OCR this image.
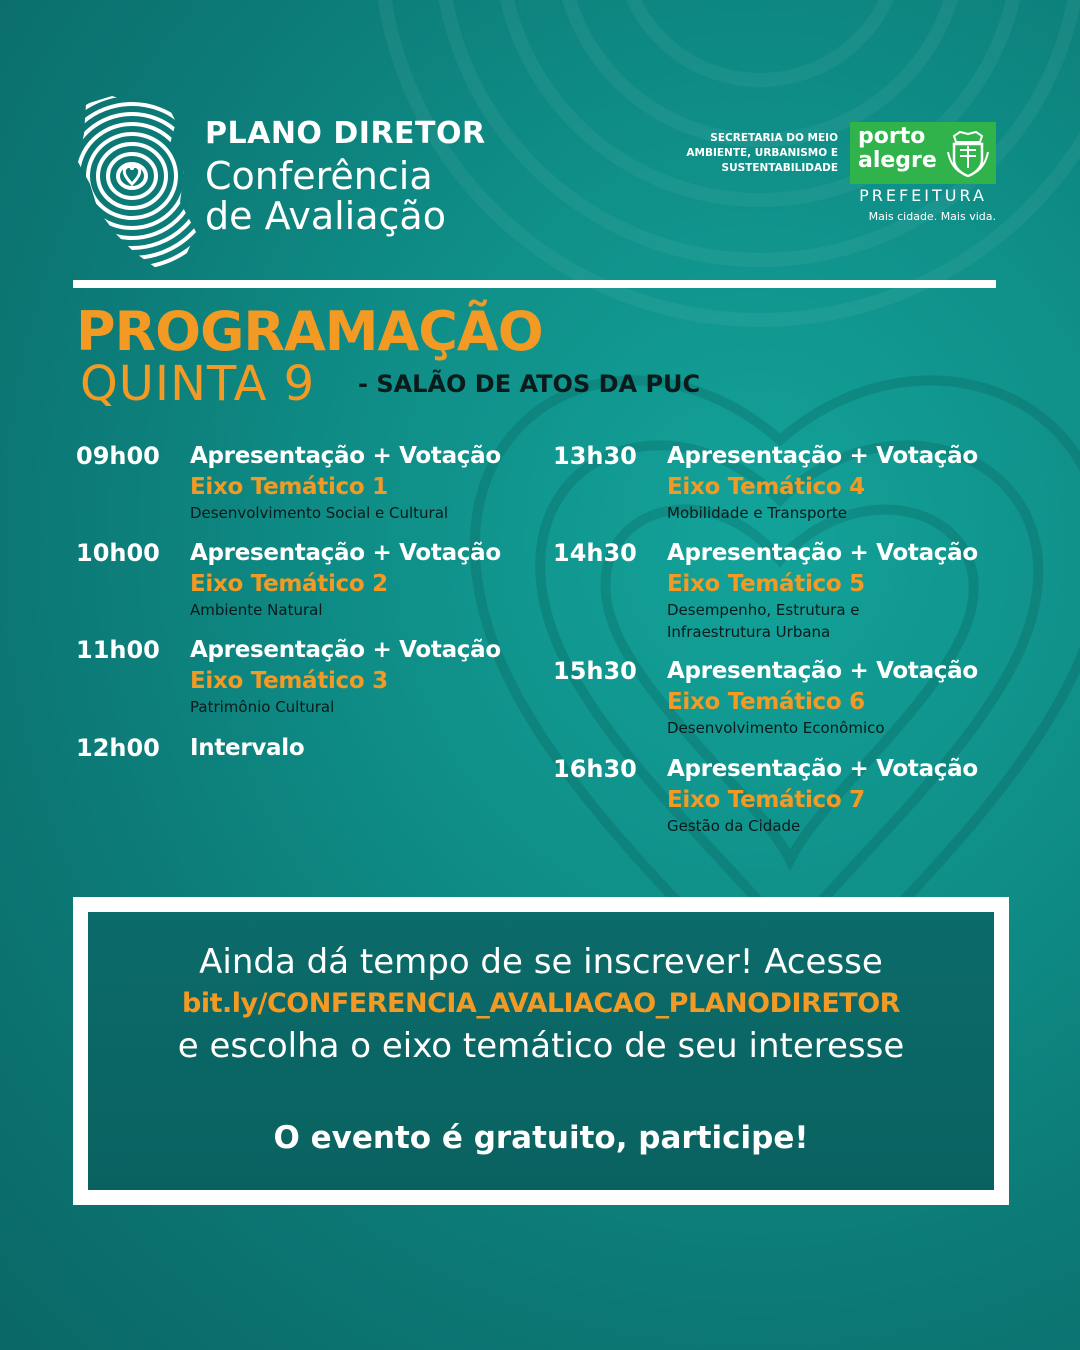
PLANO DIRETOR
Conferência
de Avaliação
SECRETARIA DO MEIO AMBIENTE, URBANISMO E SUSTENTABILIDADE
porto
alegre
PREFEITURA
Mais cidade. Mais vida.
PROGRAMAÇÃO
QUINTA 9 - SALÃO DE ATOS DA PUC
09h00 Apresentação + Votação
Eixo Temático 1
Desenvolvimento Social e Cultural
10h00 Apresentação + Votação
Eixo Temático 2
Ambiente Natural
11h00 Apresentação + Votação
Eixo Temático 3
Patrimônio Cultural
12h00 Intervalo
13h30 Apresentação + Votação
Eixo Temático 4
Mobilidade e Transporte
14h30 Apresentação + Votação
Eixo Temático 5
Desempenho, Estrutura e Infraestrutura Urbana
15h30 Apresentação + Votação
Eixo Temático 6
Desenvolvimento Econômico
16h30 Apresentação + Votação
Eixo Temático 7
Gestão da Cidade
Ainda dá tempo de se inscrever! Acesse
bit.ly/CONFERENCIA_AVALIACAO_PLANODIRETOR
e escolha o eixo temático de seu interesse
O evento é gratuito, participe!
